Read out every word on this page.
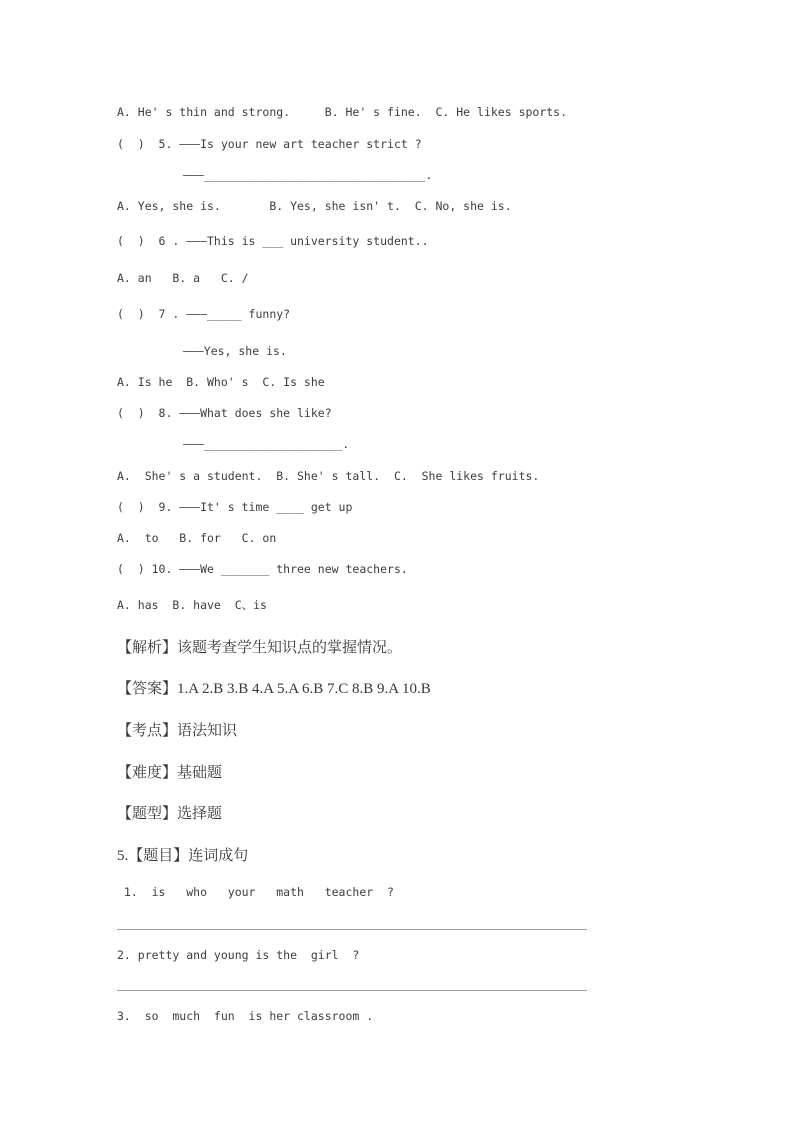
A. He' s thin and strong.     B. He' s fine.  C. He likes sports.
(  )  5. ———Is your new art teacher strict ?
———________________________________.
A. Yes, she is.       B. Yes, she isn' t.  C. No, she is.
(  )  6 . ———This is ___ university student..
A. an   B. a   C. /
(  )  7 . ———_____ funny?
———Yes, she is.
A. Is he  B. Who' s  C. Is she
(  )  8. ———What does she like?
———____________________.
A.  She' s a student.  B. She' s tall.  C.  She likes fruits.
(  )  9. ———It' s time ____ get up
A.  to   B. for   C. on
(  ) 10. ———We _______ three new teachers.
A. has  B. have  C、is
【解析】该题考查学生知识点的掌握情况。
【答案】1.A 2.B 3.B 4.A 5.A 6.B 7.C 8.B 9.A 10.B
【考点】语法知识
【难度】基础题
【题型】选择题
5.【题目】连词成句
1.  is   who   your   math   teacher  ?
2. pretty and young is the  girl  ?
3.  so  much  fun  is her classroom .
